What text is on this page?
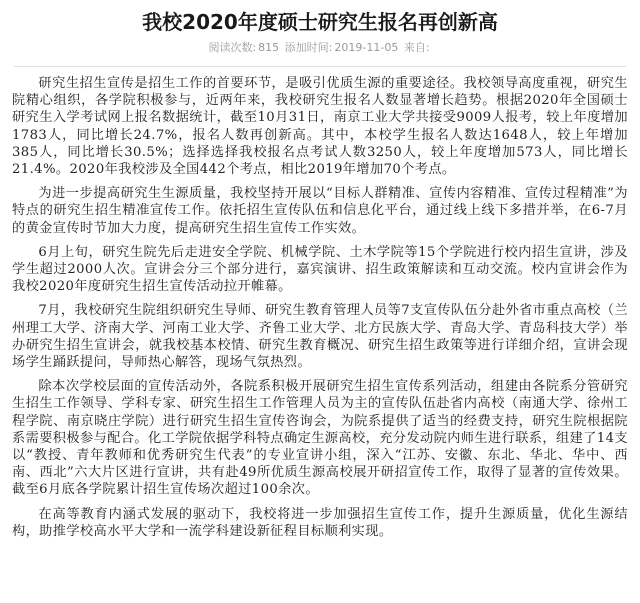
我校2020年度硕士研究生报名再创新高
阅读次数: 815 添加时间: 2019-11-05 来自:

研究生招生宣传是招生工作的首要环节，是吸引优质生源的重要途径。我校领导高度重视，研究生院精心组织，各学院积极参与，近两年来，我校研究生报名人数显著增长趋势。根据2020年全国硕士研究生入学考试网上报名数据统计，截至10月31日，南京工业大学共接受9009人报考，较上年度增加1783人，同比增长24.7%，报名人数再创新高。其中，本校学生报名人数达1648人，较上年增加385人，同比增长30.5%；选择选择我校报名点考试人数3250人，较上年度增加573人，同比增长21.4%。2020年我校涉及全国442个考点，相比2019年增加70个考点。

为进一步提高研究生生源质量，我校坚持开展以“目标人群精准、宣传内容精准、宣传过程精准”为特点的研究生招生精准宣传工作。依托招生宣传队伍和信息化平台，通过线上线下多措并举，在6-7月的黄金宣传时节加大力度，提高研究生招生宣传工作实效。

6月上旬，研究生院先后走进安全学院、机械学院、土木学院等15个学院进行校内招生宣讲，涉及学生超过2000人次。宣讲会分三个部分进行，嘉宾演讲、招生政策解读和互动交流。校内宣讲会作为我校2020年度研究生招生宣传活动拉开帷幕。

7月，我校研究生院组织研究生导师、研究生教育管理人员等7支宣传队伍分赴外省市重点高校（兰州理工大学、济南大学、河南工业大学、齐鲁工业大学、北方民族大学、青岛大学、青岛科技大学）举办研究生招生宣讲会，就我校基本校情、研究生教育概况、研究生招生政策等进行详细介绍，宣讲会现场学生踊跃提问，导师热心解答，现场气氛热烈。

除本次学校层面的宣传活动外，各院系积极开展研究生招生宣传系列活动，组建由各院系分管研究生招生工作领导、学科专家、研究生招生工作管理人员为主的宣传队伍赴省内高校（南通大学、徐州工程学院、南京晓庄学院）进行研究生招生宣传咨询会，为院系提供了适当的经费支持，研究生院根据院系需要积极参与配合。化工学院依据学科特点确定生源高校，充分发动院内师生进行联系，组建了14支以“教授、青年教师和优秀研究生代表”的专业宣讲小组，深入“江苏、安徽、东北、华北、华中、西南、西北”六大片区进行宣讲，共有赴49所优质生源高校展开研招宣传工作，取得了显著的宣传效果。截至6月底各学院累计招生宣传场次超过100余次。

在高等教育内涵式发展的驱动下，我校将进一步加强招生宣传工作，提升生源质量，优化生源结构，助推学校高水平大学和一流学科建设新征程目标顺利实现。
